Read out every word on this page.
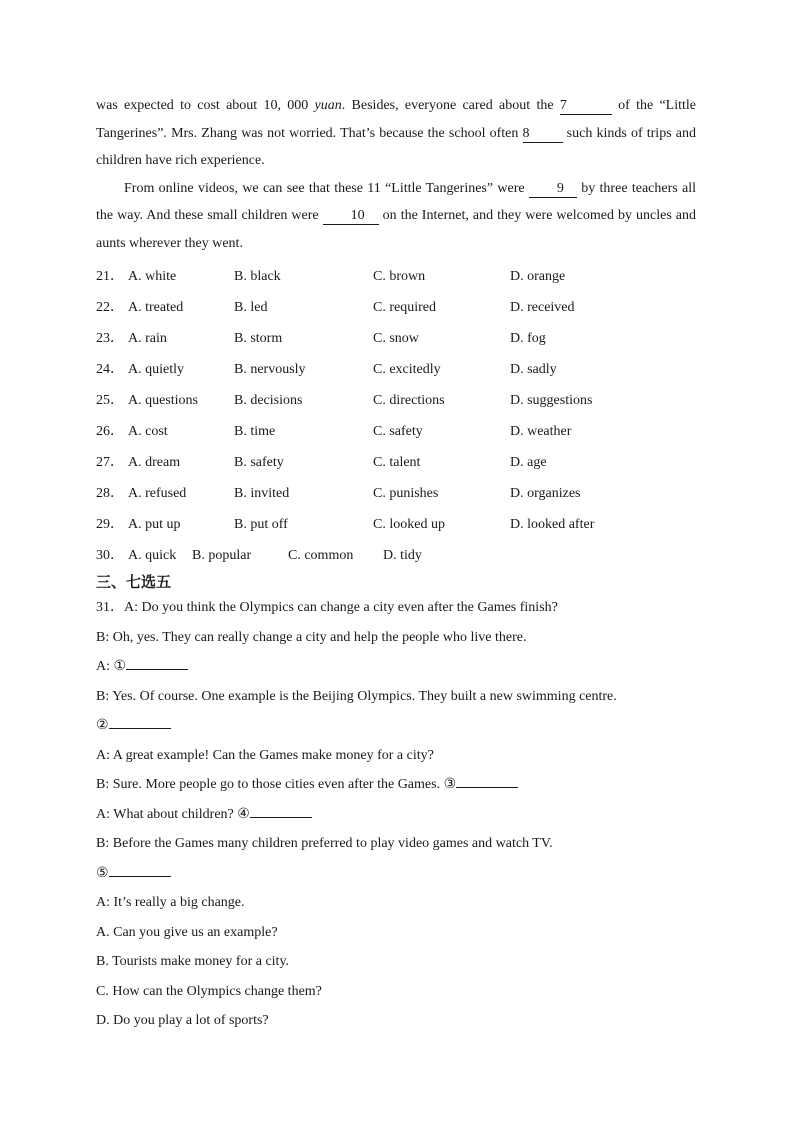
was expected to cost about 10, 000 yuan. Besides, everyone cared about the 7	of the “Little Tangerines”. Mrs. Zhang was not worried. That’s because the school often 8 such kinds of trips and children have rich experience.
From online videos, we can see that these 11 “Little Tangerines” were 9 by three teachers all the way. And these small children were 10 on the Internet, and they were welcomed by uncles and aunts wherever they went.
21． A. white	B. black	C. brown	D. orange
22． A. treated	B. led	C. required	D. received
23． A. rain	B. storm	C. snow	D. fog
24． A. quietly	B. nervously	C. excitedly	D. sadly
25． A. questions	B. decisions	C. directions	D. suggestions
26． A. cost	B. time	C. safety	D. weather
27． A. dream	B. safety	C. talent	D. age
28． A. refused	B. invited	C. punishes	D. organizes
29． A. put up	B. put off	C. looked up	D. looked after
30． A. quick B. popular	C. common D. tidy
三、七选五
31．A: Do you think the Olympics can change a city even after the Games finish?
B: Oh, yes. They can really change a city and help the people who live there.
A: ①
B: Yes. Of course. One example is the Beijing Olympics. They built a new swimming centre.
②
A: A great example! Can the Games make money for a city?
B: Sure. More people go to those cities even after the Games. ③
A: What about children? ④
B: Before the Games many children preferred to play video games and watch TV.
⑤
A: It’s really a big change.
A. Can you give us an example?
B. Tourists make money for a city.
C. How can the Olympics change them?
D. Do you play a lot of sports?
